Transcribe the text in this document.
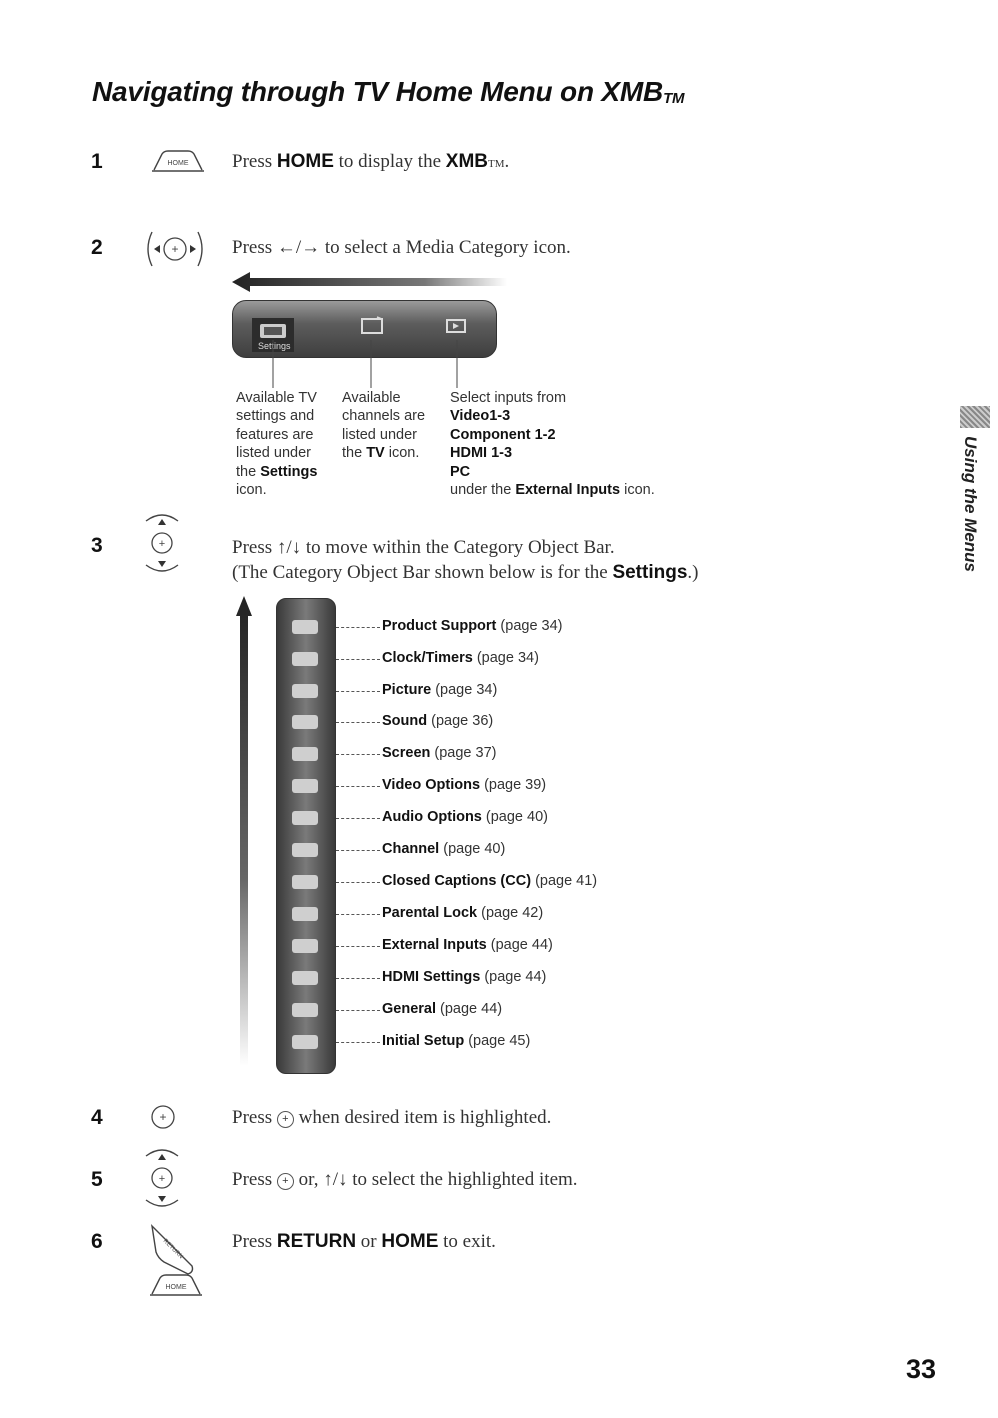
Navigating through TV Home Menu on $XMB_{TM}$
Using the Menus
1	HOME Press HOME to display the XMBTM.
2	+	Press ←/→ to select a Media Category icon.
Settings
Available TV
settings and
features are
listed under
the Settings
icon.
Available
channels are
listed under
the TV icon.
Select inputs from
Video1-3
Component 1-2
HDMI 1-3
PC
under the External Inputs icon.
3	+	Press ↑/↓ to move within the Category Object Bar.
(The Category Object Bar shown below is for the Settings.)
Product Support (page 34)
Clock/Timers (page 34)
Picture (page 34)
Sound (page 36)
Screen (page 37)
Video Options (page 39)
Audio Options (page 40)
Channel (page 40)
Closed Captions (CC) (page 41)
Parental Lock (page 42)
External Inputs (page 44)
HDMI Settings (page 44)
General (page 44)
Initial Setup (page 45)
4	+	Press + when desired item is highlighted.
5	+	Press + or, ↑/↓ to select the highlighted item.
6	RETURN
HOME
Press RETURN or HOME to exit.
33
